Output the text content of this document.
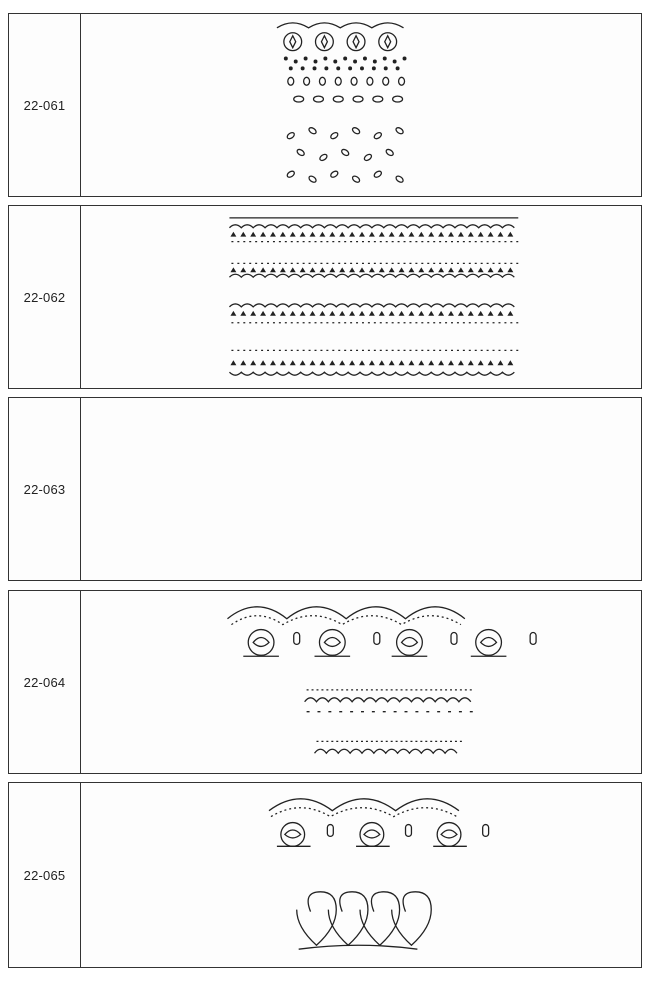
22-061
22-062
22-063
22-064
22-065
